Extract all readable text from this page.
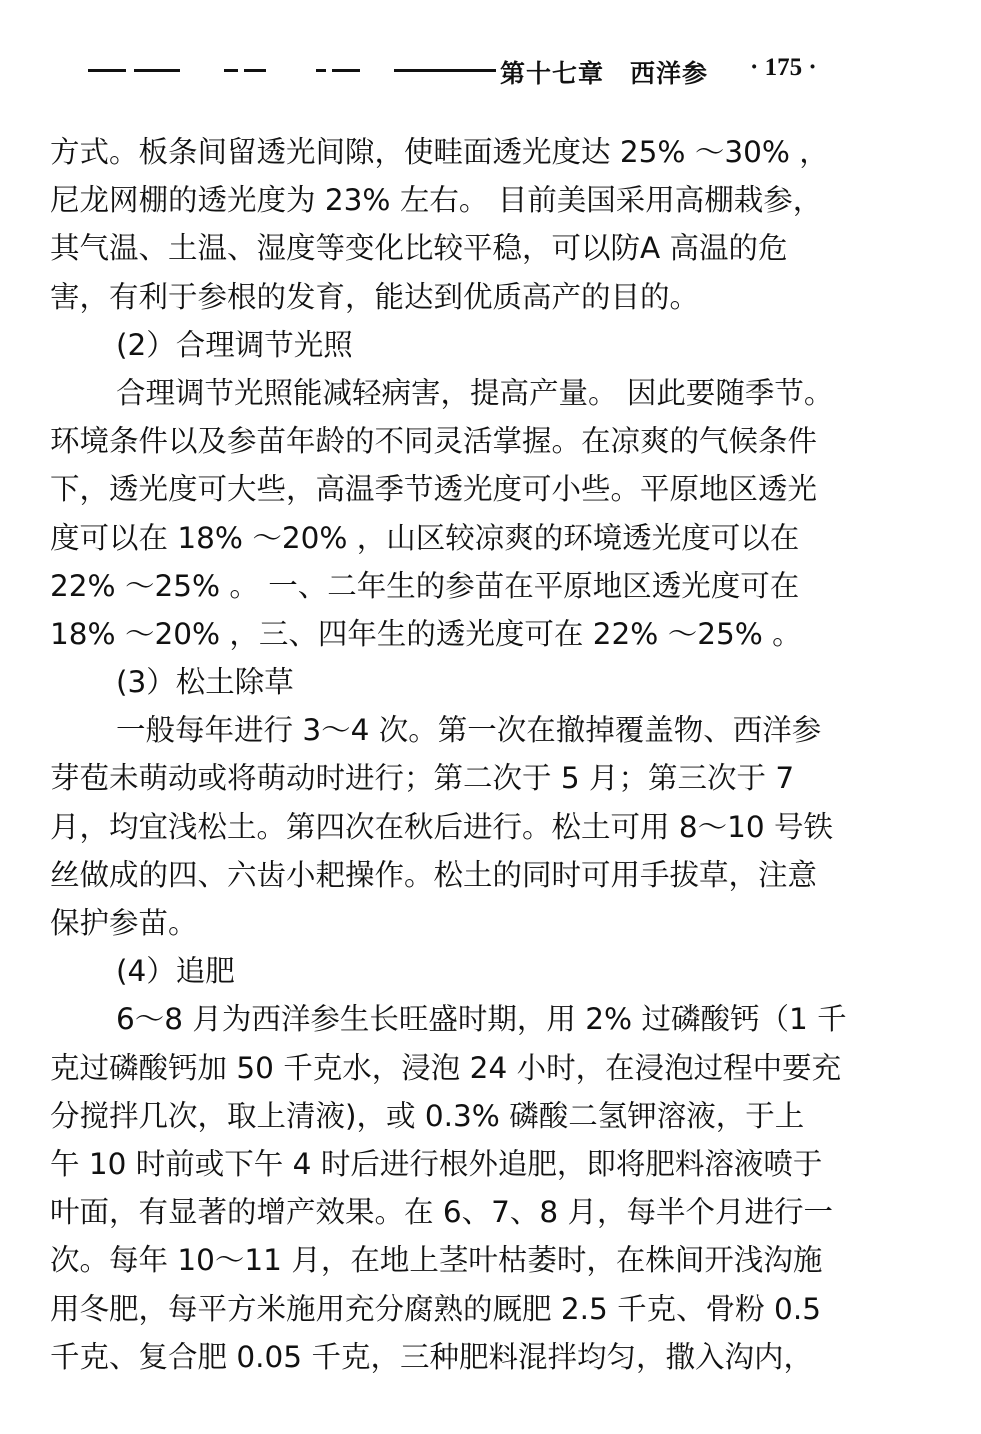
第十七章　西洋参 · 175 ·
方式。板条间留透光间隙，使畦面透光度达 25% ～30% ，
尼龙网棚的透光度为 23% 左右。 目前美国采用高棚栽参，
其气温、土温、湿度等变化比较平稳，可以防A 高温的危
害，有利于参根的发育，能达到优质高产的目的。
(2）合理调节光照
合理调节光照能减轻病害，提高产量。 因此要随季节。
环境条件以及参苗年龄的不同灵活掌握。在凉爽的气候条件
下，透光度可大些，高温季节透光度可小些。平原地区透光
度可以在 18% ～20% ，山区较凉爽的环境透光度可以在
22% ～25% 。 一、二年生的参苗在平原地区透光度可在
18% ～20% ，三、四年生的透光度可在 22% ～25% 。
(3）松土除草
一般每年进行 3～4 次。第一次在撤掉覆盖物、西洋参
芽苞未萌动或将萌动时进行；第二次于 5 月；第三次于 7
月，均宜浅松土。第四次在秋后进行。松土可用 8～10 号铁
丝做成的四、六齿小耙操作。松土的同时可用手拔草，注意
保护参苗。
(4）追肥
6～8 月为西洋参生长旺盛时期，用 2% 过磷酸钙（1 千
克过磷酸钙加 50 千克水，浸泡 24 小时，在浸泡过程中要充
分搅拌几次，取上清液)，或 0.3% 磷酸二氢钾溶液，于上
午 10 时前或下午 4 时后进行根外追肥，即将肥料溶液喷于
叶面，有显著的增产效果。在 6、7、8 月，每半个月进行一
次。每年 10～11 月，在地上茎叶枯萎时，在株间开浅沟施
用冬肥，每平方米施用充分腐熟的厩肥 2.5 千克、骨粉 0.5
千克、复合肥 0.05 千克，三种肥料混拌均匀，撒入沟内，
